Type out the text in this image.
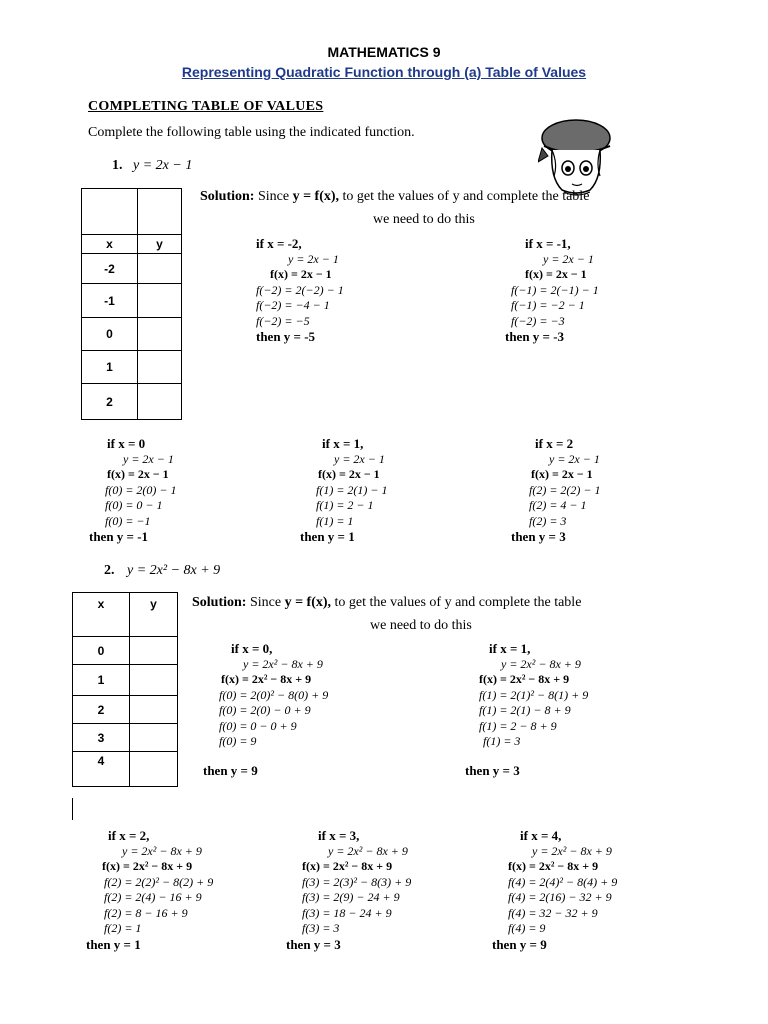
MATHEMATICS 9
Representing Quadratic Function through (a) Table of Values
COMPLETING TABLE OF VALUES
Complete the following table using the indicated function.
1. y = 2x − 1

x	y
-2	
-1	
0	
1	
2	
Solution: Since y = f(x), to get the values of y and complete the table
we need to do this
if x = -2,
y = 2x − 1
f(x) = 2x − 1
f(−2) = 2(−2) − 1
f(−2) = −4 − 1
f(−2) = −5
then y = -5
if x = -1,
y = 2x − 1
f(x) = 2x − 1
f(−1) = 2(−1) − 1
f(−1) = −2 − 1
f(−2) = −3
then y = -3
if x = 0
y = 2x − 1
f(x) = 2x − 1
f(0) = 2(0) − 1
f(0) = 0 − 1
f(0) = −1
then y = -1
if x = 1,
y = 2x − 1
f(x) = 2x − 1
f(1) = 2(1) − 1
f(1) = 2 − 1
f(1) = 1
then y = 1
if x = 2
y = 2x − 1
f(x) = 2x − 1
f(2) = 2(2) − 1
f(2) = 4 − 1
f(2) = 3
then y = 3
2. y = 2x² − 8x + 9
x	y
0	
1	
2	
3	
4	
Solution: Since y = f(x), to get the values of y and complete the table
we need to do this
if x = 0,
y = 2x² − 8x + 9
f(x) = 2x² − 8x + 9
f(0) = 2(0)² − 8(0) + 9
f(0) = 2(0) − 0 + 9
f(0) = 0 − 0 + 9
f(0) = 9
then y = 9
if x = 1,
y = 2x² − 8x + 9
f(x) = 2x² − 8x + 9
f(1) = 2(1)² − 8(1) + 9
f(1) = 2(1) − 8 + 9
f(1) = 2 − 8 + 9
f(1) = 3
then y = 3
if x = 2,
y = 2x² − 8x + 9
f(x) = 2x² − 8x + 9
f(2) = 2(2)² − 8(2) + 9
f(2) = 2(4) − 16 + 9
f(2) = 8 − 16 + 9
f(2) = 1
then y = 1
if x = 3,
y = 2x² − 8x + 9
f(x) = 2x² − 8x + 9
f(3) = 2(3)² − 8(3) + 9
f(3) = 2(9) − 24 + 9
f(3) = 18 − 24 + 9
f(3) = 3
then y = 3
if x = 4,
y = 2x² − 8x + 9
f(x) = 2x² − 8x + 9
f(4) = 2(4)² − 8(4) + 9
f(4) = 2(16) − 32 + 9
f(4) = 32 − 32 + 9
f(4) = 9
then y = 9
